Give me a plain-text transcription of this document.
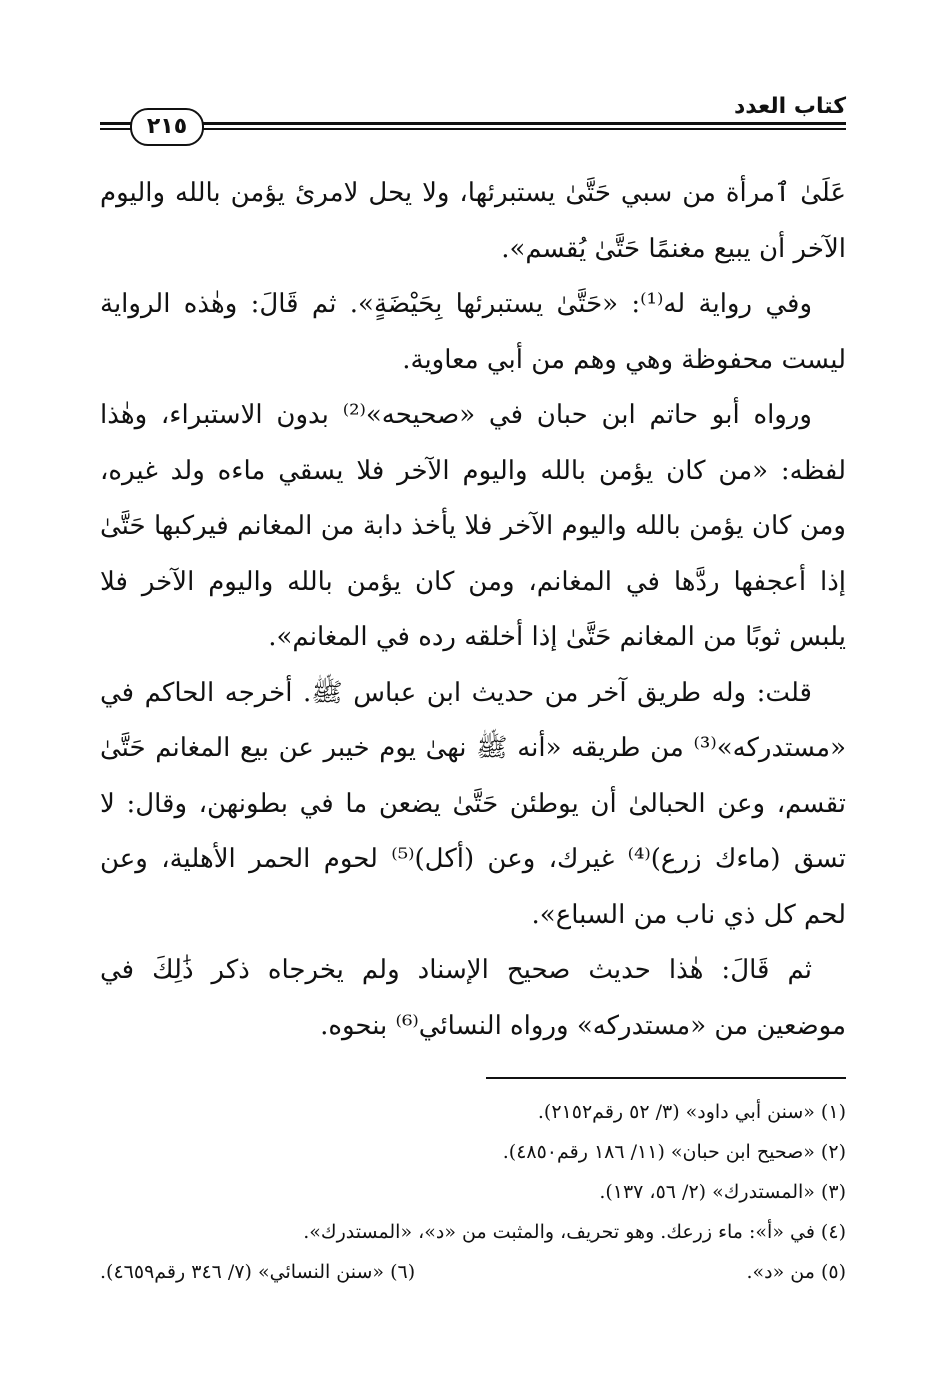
كتاب العدد
٢١٥

عَلَىٰ ٱمرأة من سبي حَتَّىٰ يستبرئها، ولا يحل لامرئ يؤمن بالله واليوم الآخر أن يبيع مغنمًا حَتَّىٰ يُقسم».

وفي رواية له⁽¹⁾: «حَتَّىٰ يستبرئها بِحَيْضَةٍ». ثم قَالَ: وهٰذه الرواية ليست محفوظة وهي وهم من أبي معاوية.

ورواه أبو حاتم ابن حبان في «صحيحه»⁽²⁾ بدون الاستبراء، وهٰذا لفظه: «من كان يؤمن بالله واليوم الآخر فلا يسقي ماءه ولد غيره، ومن كان يؤمن بالله واليوم الآخر فلا يأخذ دابة من المغانم فيركبها حَتَّىٰ إذا أعجفها ردَّها في المغانم، ومن كان يؤمن بالله واليوم الآخر فلا يلبس ثوبًا من المغانم حَتَّىٰ إذا أخلقه رده في المغانم».

قلت: وله طريق آخر من حديث ابن عباس ﷺ. أخرجه الحاكم في «مستدركه»⁽³⁾ من طريقه «أنه ﷺ نهىٰ يوم خيبر عن بيع المغانم حَتَّىٰ تقسم، وعن الحبالىٰ أن يوطئن حَتَّىٰ يضعن ما في بطونهن، وقال: لا تسق (ماءك زرع)⁽⁴⁾ غيرك، وعن (أكل)⁽⁵⁾ لحوم الحمر الأهلية، وعن لحم كل ذي ناب من السباع».

ثم قَالَ: هٰذا حديث صحيح الإسناد ولم يخرجاه ذكر ذَٰلِكَ في موضعين من «مستدركه» ورواه النسائي⁽⁶⁾ بنحوه.

(١) «سنن أبي داود» (٣/ ٥٢ رقم٢١٥٢).
(٢) «صحيح ابن حبان» (١١/ ١٨٦ رقم٤٨٥٠).
(٣) «المستدرك» (٢/ ٥٦، ١٣٧).
(٤) في «أ»: ماء زرعك. وهو تحريف، والمثبت من «د»، «المستدرك».
(٥) من «د».
(٦) «سنن النسائي» (٧/ ٣٤٦ رقم٤٦٥٩).
